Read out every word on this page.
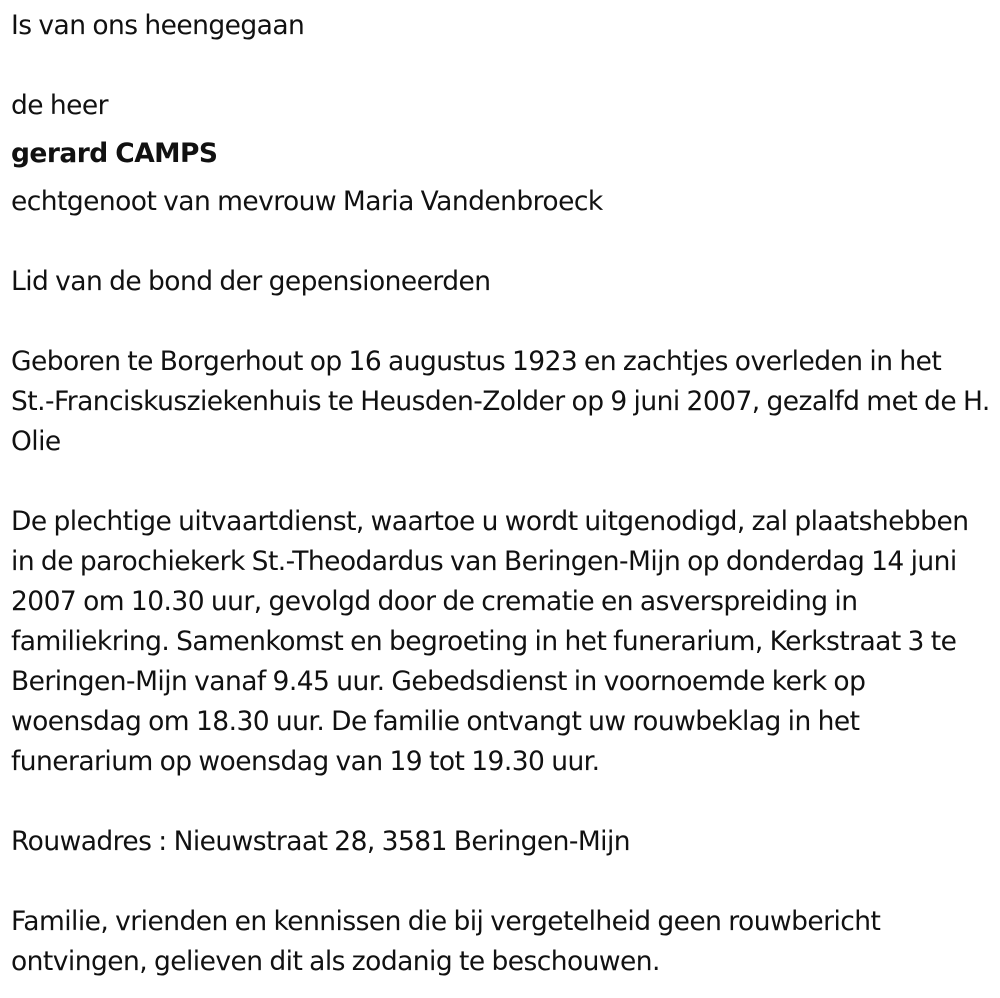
Is van ons heengegaan

de heer

gerard CAMPS

echtgenoot van mevrouw Maria Vandenbroeck

Lid van de bond der gepensioneerden

Geboren te Borgerhout op 16 augustus 1923 en zachtjes overleden in het St.-Franciskusziekenhuis te Heusden-Zolder op 9 juni 2007, gezalfd met de H. Olie

De plechtige uitvaartdienst, waartoe u wordt uitgenodigd, zal plaatshebben in de parochiekerk St.-Theodardus van Beringen-Mijn op donderdag 14 juni 2007 om 10.30 uur, gevolgd door de crematie en asverspreiding in familiekring. Samenkomst en begroeting in het funerarium, Kerkstraat 3 te Beringen-Mijn vanaf 9.45 uur. Gebedsdienst in voornoemde kerk op woensdag om 18.30 uur. De familie ontvangt uw rouwbeklag in het funerarium op woensdag van 19 tot 19.30 uur.

Rouwadres : Nieuwstraat 28, 3581 Beringen-Mijn

Familie, vrienden en kennissen die bij vergetelheid geen rouwbericht ontvingen, gelieven dit als zodanig te beschouwen.
